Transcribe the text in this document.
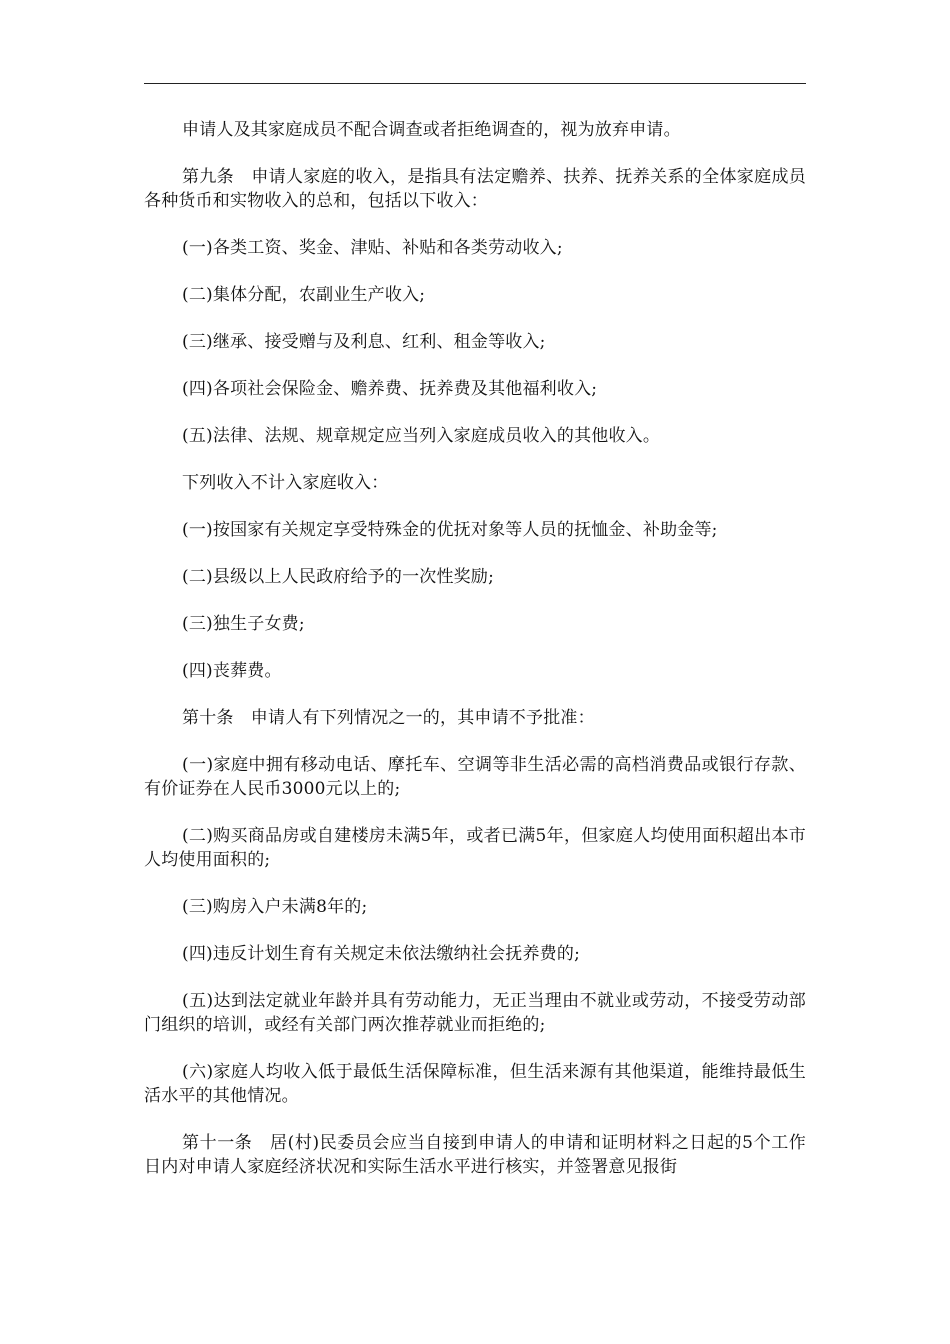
申请人及其家庭成员不配合调查或者拒绝调查的，视为放弃申请。

第九条　申请人家庭的收入，是指具有法定赡养、扶养、抚养关系的全体家庭成员各种货币和实物收入的总和，包括以下收入：

(一)各类工资、奖金、津贴、补贴和各类劳动收入;

(二)集体分配，农副业生产收入;

(三)继承、接受赠与及利息、红利、租金等收入;

(四)各项社会保险金、赡养费、抚养费及其他福利收入;

(五)法律、法规、规章规定应当列入家庭成员收入的其他收入。

下列收入不计入家庭收入：

(一)按国家有关规定享受特殊金的优抚对象等人员的抚恤金、补助金等;

(二)县级以上人民政府给予的一次性奖励;

(三)独生子女费;

(四)丧葬费。

第十条　申请人有下列情况之一的，其申请不予批准：

(一)家庭中拥有移动电话、摩托车、空调等非生活必需的高档消费品或银行存款、有价证券在人民币3000元以上的;

(二)购买商品房或自建楼房未满5年，或者已满5年，但家庭人均使用面积超出本市人均使用面积的;

(三)购房入户未满8年的;

(四)违反计划生育有关规定未依法缴纳社会抚养费的;

(五)达到法定就业年龄并具有劳动能力，无正当理由不就业或劳动，不接受劳动部门组织的培训，或经有关部门两次推荐就业而拒绝的;

(六)家庭人均收入低于最低生活保障标准，但生活来源有其他渠道，能维持最低生活水平的其他情况。

第十一条　居(村)民委员会应当自接到申请人的申请和证明材料之日起的5个工作日内对申请人家庭经济状况和实际生活水平进行核实，并签署意见报街
